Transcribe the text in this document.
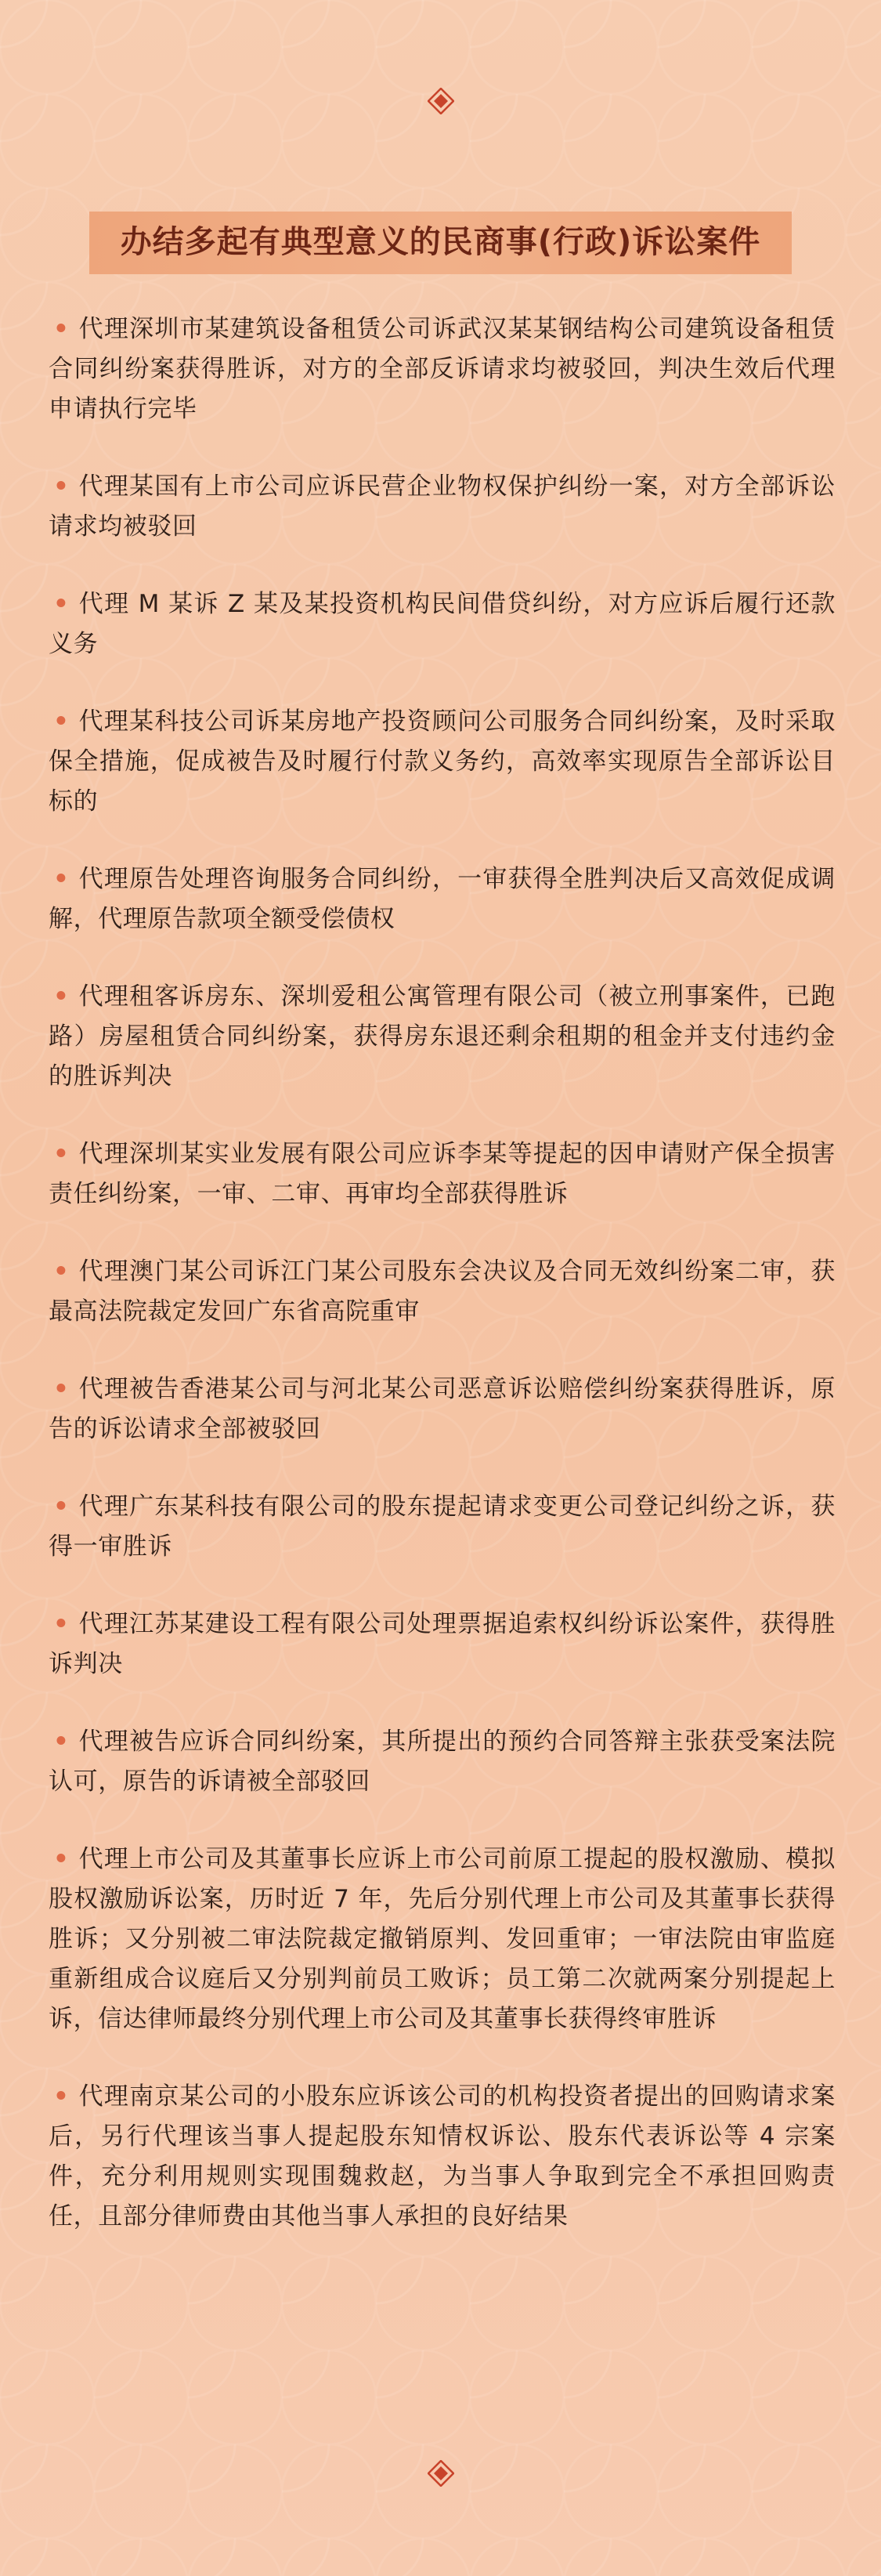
办结多起有典型意义的民商事(行政)诉讼案件
• 代理深圳市某建筑设备租赁公司诉武汉某某钢结构公司建筑设备租赁合同纠纷案获得胜诉，对方的全部反诉请求均被驳回，判决生效后代理申请执行完毕
• 代理某国有上市公司应诉民营企业物权保护纠纷一案，对方全部诉讼请求均被驳回
• 代理 M 某诉 Z 某及某投资机构民间借贷纠纷，对方应诉后履行还款义务
• 代理某科技公司诉某房地产投资顾问公司服务合同纠纷案，及时采取保全措施，促成被告及时履行付款义务约，高效率实现原告全部诉讼目标的
• 代理原告处理咨询服务合同纠纷，一审获得全胜判决后又高效促成调解，代理原告款项全额受偿债权
• 代理租客诉房东、深圳爱租公寓管理有限公司（被立刑事案件，已跑路）房屋租赁合同纠纷案，获得房东退还剩余租期的租金并支付违约金的胜诉判决
• 代理深圳某实业发展有限公司应诉李某等提起的因申请财产保全损害责任纠纷案，一审、二审、再审均全部获得胜诉
• 代理澳门某公司诉江门某公司股东会决议及合同无效纠纷案二审，获最高法院裁定发回广东省高院重审
• 代理被告香港某公司与河北某公司恶意诉讼赔偿纠纷案获得胜诉，原告的诉讼请求全部被驳回
• 代理广东某科技有限公司的股东提起请求变更公司登记纠纷之诉，获得一审胜诉
• 代理江苏某建设工程有限公司处理票据追索权纠纷诉讼案件，获得胜诉判决
• 代理被告应诉合同纠纷案，其所提出的预约合同答辩主张获受案法院认可，原告的诉请被全部驳回
• 代理上市公司及其董事长应诉上市公司前原工提起的股权激励、模拟股权激励诉讼案，历时近 7 年，先后分别代理上市公司及其董事长获得胜诉；又分别被二审法院裁定撤销原判、发回重审；一审法院由审监庭重新组成合议庭后又分别判前员工败诉；员工第二次就两案分别提起上诉，信达律师最终分别代理上市公司及其董事长获得终审胜诉
• 代理南京某公司的小股东应诉该公司的机构投资者提出的回购请求案后，另行代理该当事人提起股东知情权诉讼、股东代表诉讼等 4 宗案件，充分利用规则实现围魏救赵，为当事人争取到完全不承担回购责任，且部分律师费由其他当事人承担的良好结果
